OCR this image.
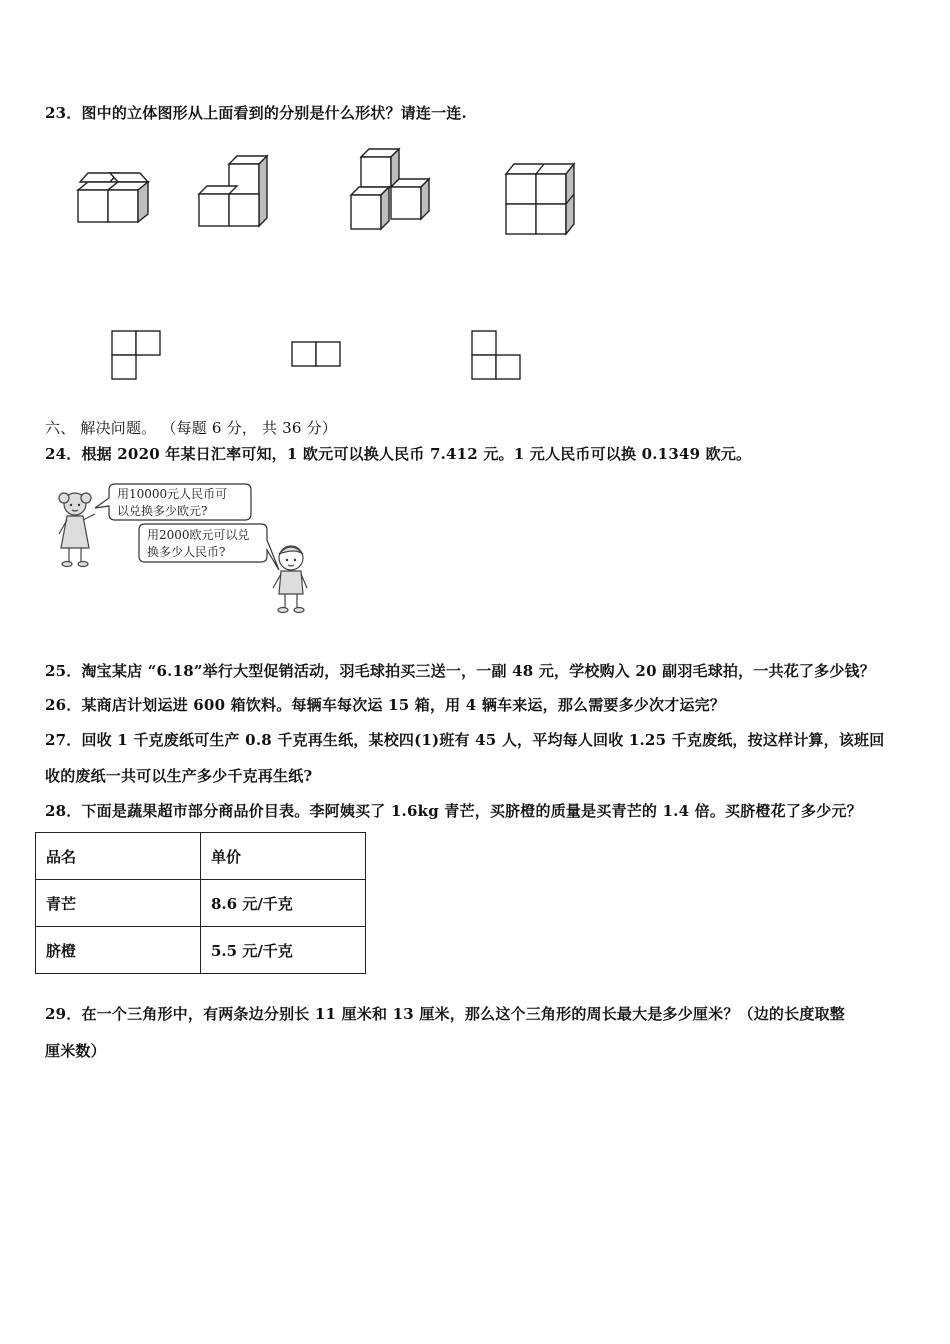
23．图中的立体图形从上面看到的分别是什么形状？请连一连.
六、 解决问题。 （每题 6 分， 共 36 分）
24．根据 2020 年某日汇率可知，1 欧元可以换人民币 7.412 元。1 元人民币可以换 0.1349 欧元。
用10000元人民币可
以兑换多少欧元?
用2000欧元可以兑
换多少人民币?
25．淘宝某店 “6.18”举行大型促销活动，羽毛球拍买三送一，一副 48 元，学校购入 20 副羽毛球拍，一共花了多少钱？
26．某商店计划运进 600 箱饮料。每辆车每次运 15 箱，用 4 辆车来运，那么需要多少次才运完？
27．回收 1 千克废纸可生产 0.8 千克再生纸，某校四(1)班有 45 人，平均每人回收 1.25 千克废纸，按这样计算，该班回
收的废纸一共可以生产多少千克再生纸?
28．下面是蔬果超市部分商品价目表。李阿姨买了 1.6kg 青芒，买脐橙的质量是买青芒的 1.4 倍。买脐橙花了多少元？
品名	单价
青芒	8.6 元/千克
脐橙	5.5 元/千克
29．在一个三角形中，有两条边分别长 11 厘米和 13 厘米，那么这个三角形的周长最大是多少厘米？（边的长度取整
厘米数）
